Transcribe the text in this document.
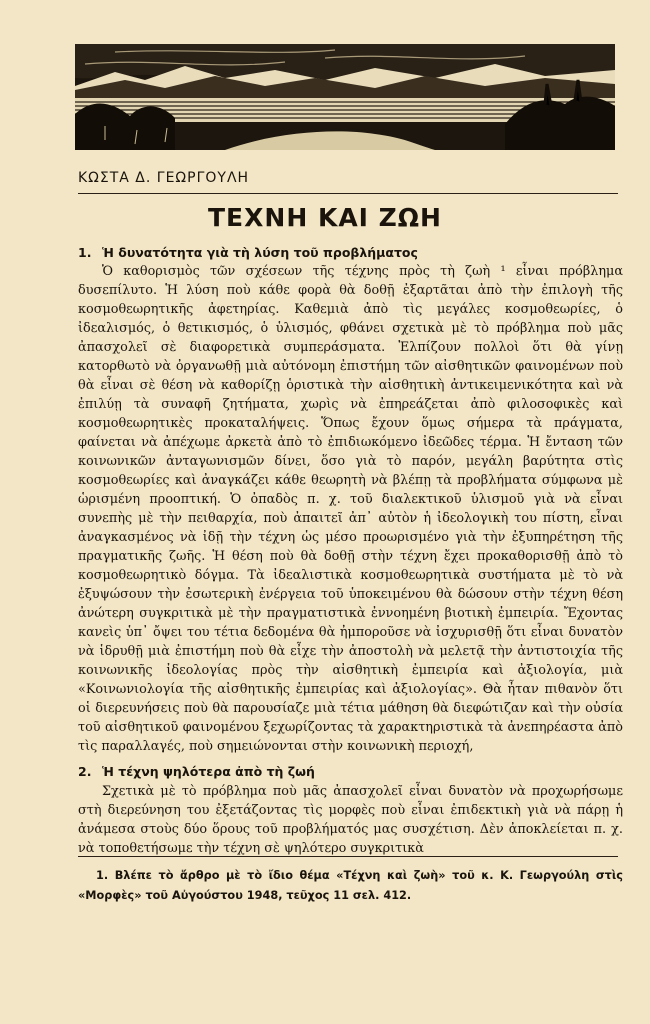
ΚΩΣΤΑ Δ. ΓΕΩΡΓΟΥΛΗ
ΤΕΧΝΗ ΚΑΙ ΖΩΗ
1. Ἡ δυνατότητα γιὰ τὴ λύση τοῦ προβλήματος
Ὁ καθορισμὸς τῶν σχέσεων τῆς τέχνης πρὸς τὴ ζωὴ ¹ εἶναι πρόβλημα δυσεπίλυτο. Ἡ λύση ποὺ κάθε φορὰ θὰ δοθῇ ἐξαρτᾶται ἀπὸ τὴν ἐπιλογὴ τῆς κοσμοθεωρητικῆς ἀφετηρίας. Καθεμιὰ ἀπὸ τὶς μεγάλες κοσμοθεωρίες, ὁ ἰδεαλισμός, ὁ θετικισμός, ὁ ὑλισμός, φθάνει σχετικὰ μὲ τὸ πρόβλημα ποὺ μᾶς ἀπασχολεῖ σὲ διαφορετικὰ συμπεράσματα. Ἐλπίζουν πολλοὶ ὅτι θὰ γίνῃ κατορθωτὸ νὰ ὀργανωθῇ μιὰ αὐτόνομη ἐπιστήμη τῶν αἰσθητικῶν φαινομένων ποὺ θὰ εἶναι σὲ θέση νὰ καθορίζῃ ὁριστικὰ τὴν αἰσθητικὴ ἀντικειμενικότητα καὶ νὰ ἐπιλύῃ τὰ συναφῆ ζητήματα, χωρὶς νὰ ἐπηρεάζεται ἀπὸ φιλοσοφικὲς καὶ κοσμοθεωρητικὲς προκαταλήψεις. Ὅπως ἔχουν ὅμως σήμερα τὰ πράγματα, φαίνεται νὰ ἀπέχωμε ἀρκετὰ ἀπὸ τὸ ἐπιδιωκόμενο ἰδεῶδες τέρμα. Ἡ ἔνταση τῶν κοινωνικῶν ἀνταγωνισμῶν δίνει, ὅσο γιὰ τὸ παρόν, μεγάλη βαρύτητα στὶς κοσμοθεωρίες καὶ ἀναγκάζει κάθε θεωρητὴ νὰ βλέπῃ τὰ προβλήματα σύμφωνα μὲ ὡρισμένη προοπτική. Ὁ ὀπαδὸς π. χ. τοῦ διαλεκτικοῦ ὑλισμοῦ γιὰ νὰ εἶναι συνεπὴς μὲ τὴν πειθαρχία, ποὺ ἀπαιτεῖ ἀπ᾽ αὐτὸν ἡ ἰδεολογικὴ του πίστη, εἶναι ἀναγκασμένος νὰ ἰδῇ τὴν τέχνη ὡς μέσο προωρισμένο γιὰ τὴν ἐξυπηρέτηση τῆς πραγματικῆς ζωῆς. Ἡ θέση ποὺ θὰ δοθῇ στὴν τέχνη ἔχει προκαθορισθῇ ἀπὸ τὸ κοσμοθεωρητικὸ δόγμα. Τὰ ἰδεαλιστικὰ κοσμοθεωρητικὰ συστήματα μὲ τὸ νὰ ἐξυψώσουν τὴν ἐσωτερικὴ ἐνέργεια τοῦ ὑποκειμένου θὰ δώσουν στὴν τέχνη θέση ἀνώτερη συγκριτικὰ μὲ τὴν πραγματιστικὰ ἐννοημένη βιοτικὴ ἐμπειρία. Ἔχοντας κανεὶς ὑπ᾽ ὄψει του τέτια δεδομένα θὰ ἠμποροῦσε νὰ ἰσχυρισθῇ ὅτι εἶναι δυνατὸν νὰ ἱδρυθῇ μιὰ ἐπιστήμη ποὺ θὰ εἶχε τὴν ἀποστολὴ νὰ μελετᾷ τὴν ἀντιστοιχία τῆς κοινωνικῆς ἰδεολογίας πρὸς τὴν αἰσθητικὴ ἐμπειρία καὶ ἀξιολογία, μιὰ «Κοινωνιολογία τῆς αἰσθητικῆς ἐμπειρίας καὶ ἀξιολογίας». Θὰ ἦταν πιθανὸν ὅτι οἱ διερευνήσεις ποὺ θὰ παρουσίαζε μιὰ τέτια μάθηση θὰ διεφώτιζαν καὶ τὴν οὐσία τοῦ αἰσθητικοῦ φαινομένου ξεχωρίζοντας τὰ χαρακτηριστικὰ τὰ ἀνεπηρέαστα ἀπὸ τὶς παραλλαγές, ποὺ σημειώνονται στὴν κοινωνικὴ περιοχή,
2. Ἡ τέχνη ψηλότερα ἀπὸ τὴ ζωή
Σχετικὰ μὲ τὸ πρόβλημα ποὺ μᾶς ἀπασχολεῖ εἶναι δυνατὸν νὰ προχωρήσωμε στὴ διερεύνηση του ἐξετάζοντας τὶς μορφὲς ποὺ εἶναι ἐπιδεκτικὴ γιὰ νὰ πάρῃ ἡ ἀνάμεσα στοὺς δύο ὅρους τοῦ προβλήματός μας συσχέτιση. Δὲν ἀποκλείεται π. χ. νὰ τοποθετήσωμε τὴν τέχνη σὲ ψηλότερο συγκριτικὰ
1. Βλέπε τὸ ἄρθρο μὲ τὸ ἴδιο θέμα «Τέχνη καὶ ζωὴ» τοῦ κ. Κ. Γεωργούλη στὶς «Μορφὲς» τοῦ Αὐγούστου 1948, τεῦχος 11 σελ. 412.
